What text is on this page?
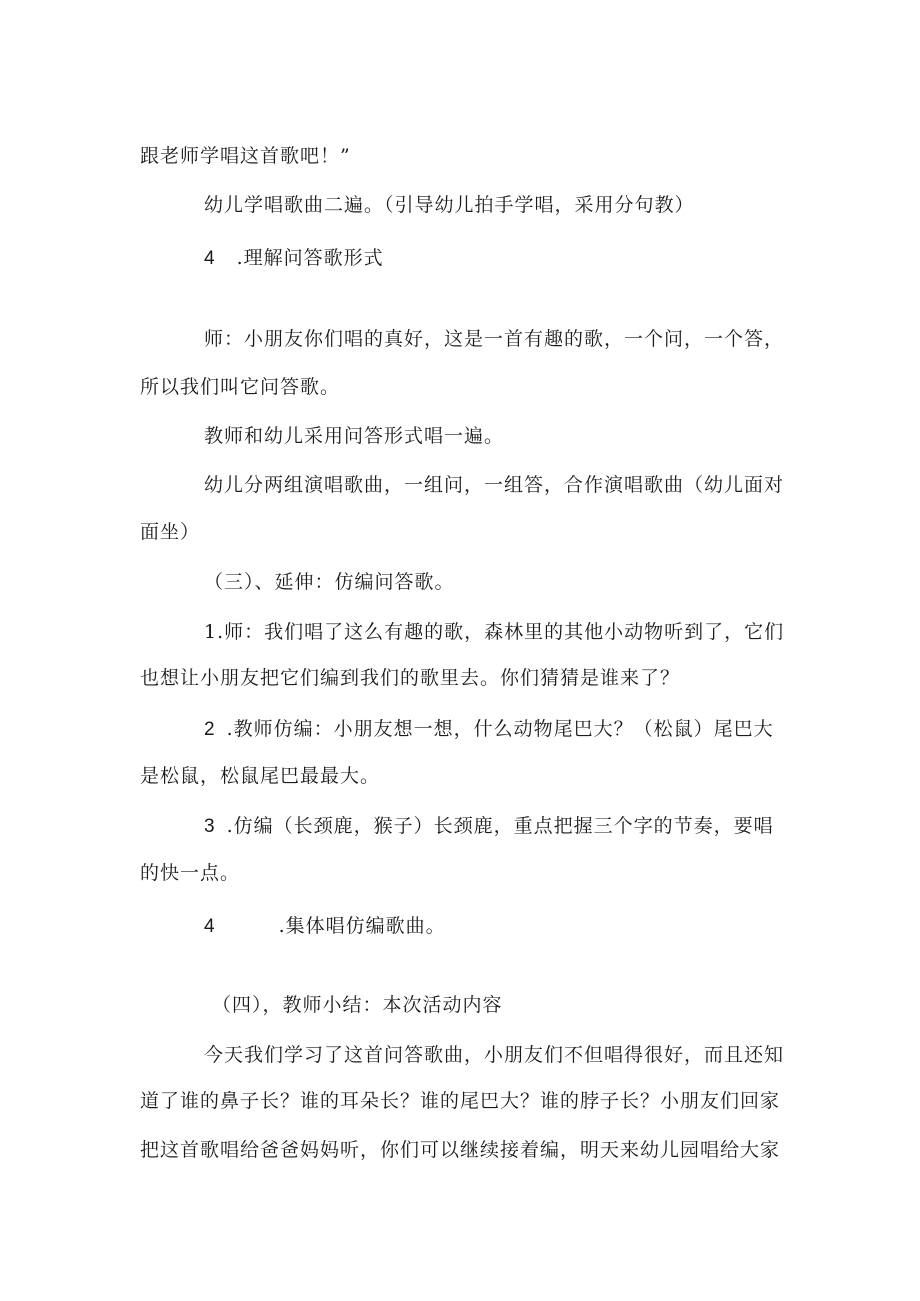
跟老师学唱这首歌吧！”
幼儿学唱歌曲二遍。（引导幼儿拍手学唱，采用分句教）
4 .理解问答歌形式
师：小朋友你们唱的真好，这是一首有趣的歌，一个问，一个答，
所以我们叫它问答歌。
教师和幼儿采用问答形式唱一遍。
幼儿分两组演唱歌曲，一组问，一组答，合作演唱歌曲（幼儿面对
面坐）
（三）、延伸：仿编问答歌。
1.师：我们唱了这么有趣的歌，森林里的其他小动物听到了，它们
也想让小朋友把它们编到我们的歌里去。你们猜猜是谁来了？
2 .教师仿编：小朋友想一想，什么动物尾巴大？（松鼠）尾巴大
是松鼠，松鼠尾巴最最大。
3 .仿编（长颈鹿，猴子）长颈鹿，重点把握三个字的节奏，要唱
的快一点。
4	.集体唱仿编歌曲。
（四），教师小结：本次活动内容
今天我们学习了这首问答歌曲，小朋友们不但唱得很好，而且还知
道了谁的鼻子长？谁的耳朵长？谁的尾巴大？谁的脖子长？小朋友们回家
把这首歌唱给爸爸妈妈听，你们可以继续接着编，明天来幼儿园唱给大家
